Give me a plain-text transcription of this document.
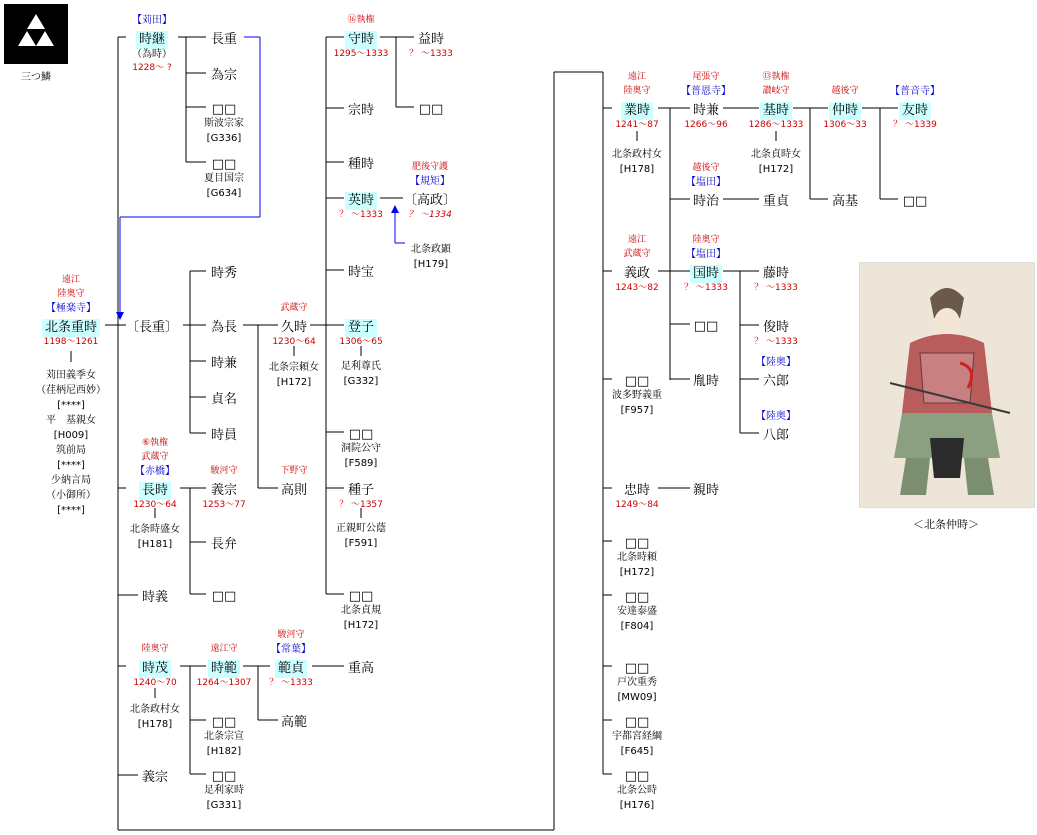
三つ鱗
【極楽寺】
陸奥守
遠江
北条重時
1198〜1261
【苅田】
時継
（為時）
1228〜 ?
長重
為宗
□□
斯波宗家
[G336]
□□
夏目国宗
[G634]
〔長重〕
時秀
為長
時兼
貞名
時員
武蔵守
久時
1230〜64
登子
1306〜65
【赤橋】
武蔵守
⑥執権
長時
1230〜64
駿河守
義宗
1253〜77
下野守
高則
長弁
□□
時義
陸奥守
時茂
1240〜70
遠江守
時範
1264〜1307
【常葉】
駿河守
範貞
？ 〜1333
重高
高範
□□
北条宗宣
[H182]
□□
足利家時
[G331]
義宗
⑯執権
守時
1295〜1333
益時
？ 〜1333
□□
宗時
種時
英時
？ 〜1333
【規矩】
肥後守護
〔高政〕
？ 〜1334
時宝
□□
洞院公守
[F589]
種子
？ 〜1357
□□
北条貞規
[H172]
陸奥守
遠江
業時
1241〜87
【普恩寺】
尾張守
時兼
1266〜96
讃岐守
⑬執権
基時
1286〜1333
越後守
仲時
1306〜33
【普音寺】
友時
？ 〜1339
【塩田】
越後守
時治	重貞	高基	□□
武蔵守
遠江
義政
1243〜82
【塩田】
陸奥守
国時
？ 〜1333
藤時
？ 〜1333
□□	俊時
？ 〜1333
胤時
【陸奥】
六郎
【陸奥】
八郎
□□
波多野義重
[F957]
忠時
1249〜84
親時
□□
北条時頼
[H172]
□□
安達泰盛
[F804]
□□
戸次重秀
[MW09]
□□
宇都宮経綱
[F645]
□□
北条公時
[H176]
苅田義季女
（荏柄尼西妙）
[****]
平　基親女
[H009]
筑前局
[****]
少納言局
（小御所）
[****]
北条宗頼女
[H172]
足利尊氏
[G332]
北条時盛女
[H181]
北条政村女
[H178]
北条政村女
[H178]
北条貞時女
[H172]
正親町公蔭
[F591]
北条政顕
[H179]
＜北条仲時＞
